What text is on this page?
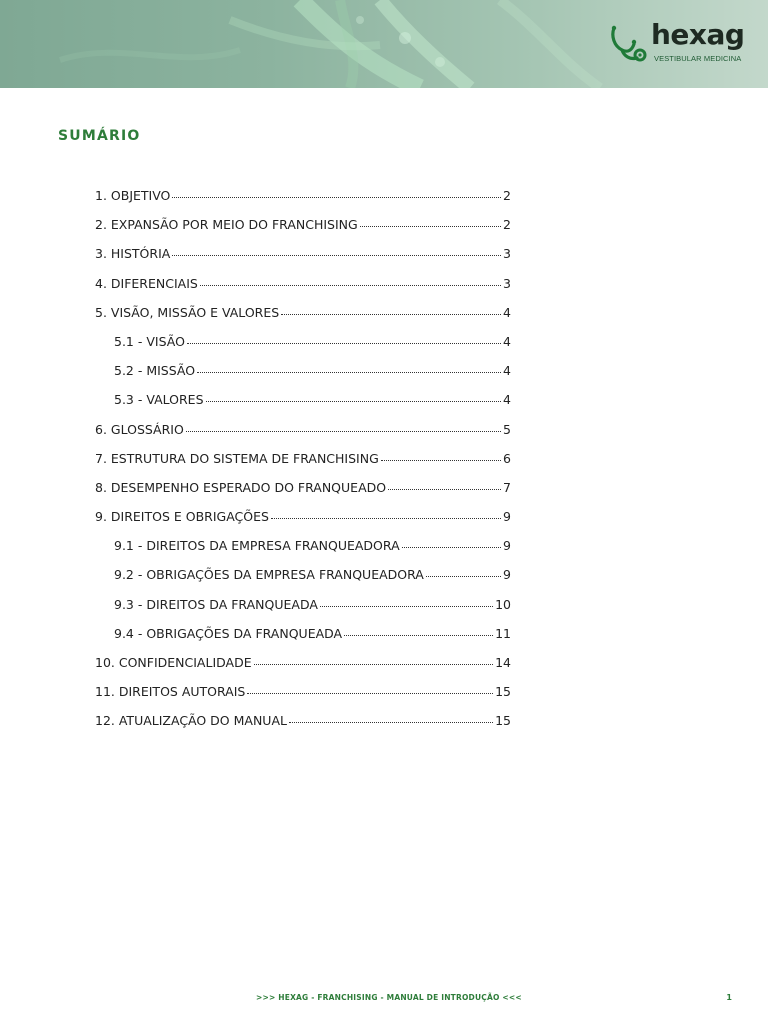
hexag
VESTIBULAR MEDICINA
SUMÁRIO
1. OBJETIVO	2
2. EXPANSÃO POR MEIO DO FRANCHISING	2
3. HISTÓRIA	3
4. DIFERENCIAIS	3
5. VISÃO, MISSÃO E VALORES	4
5.1 - VISÃO	4
5.2 - MISSÃO	4
5.3 - VALORES	4
6. GLOSSÁRIO	5
7. ESTRUTURA DO SISTEMA DE FRANCHISING	6
8. DESEMPENHO ESPERADO DO FRANQUEADO	7
9. DIREITOS E OBRIGAÇÕES	9
9.1 - DIREITOS DA EMPRESA FRANQUEADORA	9
9.2 - OBRIGAÇÕES DA EMPRESA FRANQUEADORA	9
9.3 - DIREITOS DA FRANQUEADA	10
9.4 - OBRIGAÇÕES DA FRANQUEADA	11
10. CONFIDENCIALIDADE	14
11. DIREITOS AUTORAIS	15
12. ATUALIZAÇÃO DO MANUAL	15
>>> HEXAG - FRANCHISING - MANUAL DE INTRODUÇÃO <<<	1
